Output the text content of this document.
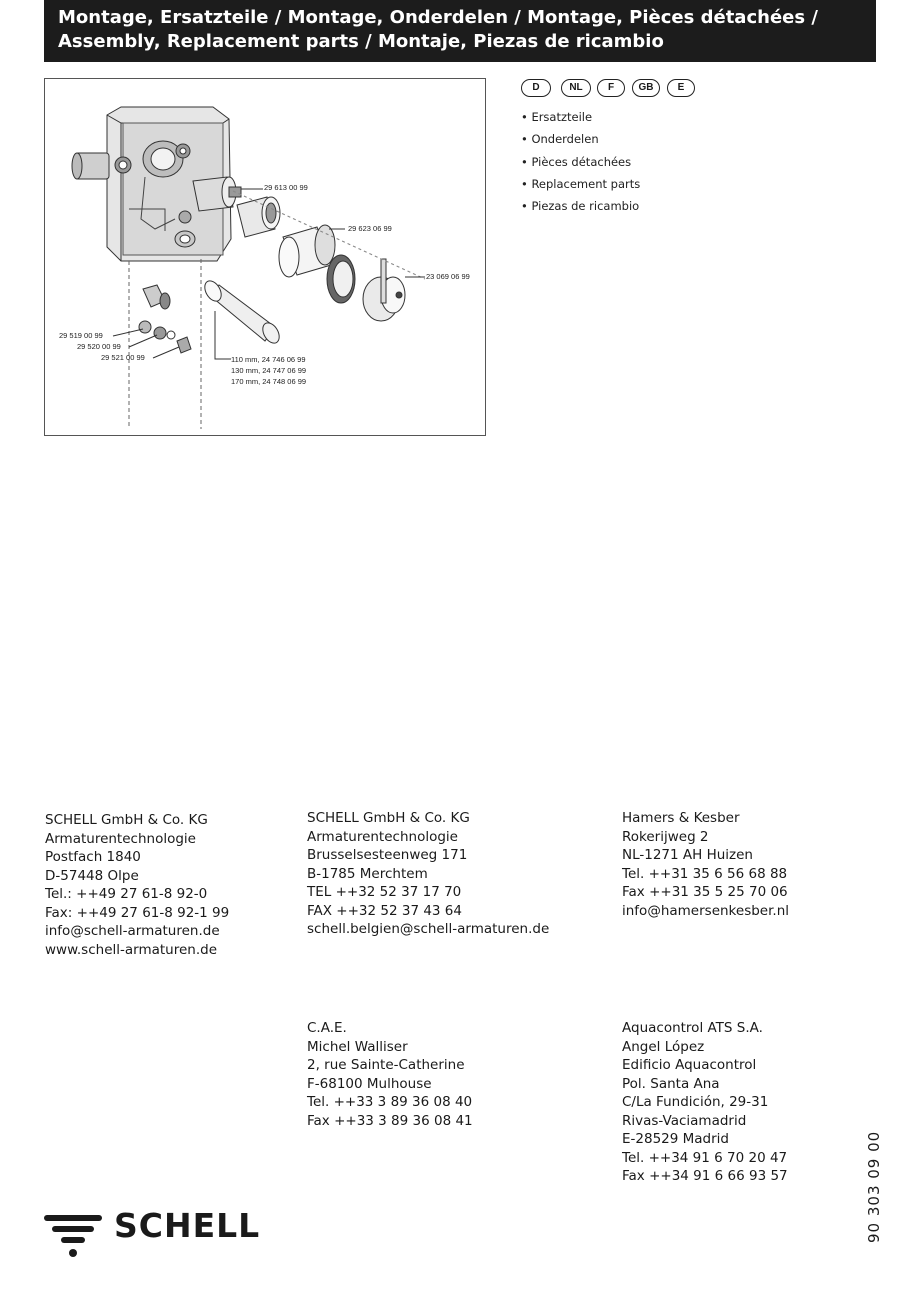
Montage, Ersatzteile / Montage, Onderdelen / Montage, Pièces détachées /
Assembly, Replacement parts / Montaje, Piezas de ricambio
29 613 00 99
29 623 06 99
23 069 06 99
29 519 00 99
29 520 00 99
29 521 00 99	110 mm, 24 746 06 99
130 mm, 24 747 06 99
170 mm, 24 748 06 99
D	NL	F	GB	E
• Ersatzteile
• Onderdelen
• Pièces détachées
• Replacement parts
• Piezas de ricambio
SCHELL GmbH & Co. KG
Armaturentechnologie
Postfach 1840
D-57448 Olpe
Tel.: ++49 27 61-8 92-0
Fax: ++49 27 61-8 92-1 99
info@schell-armaturen.de
www.schell-armaturen.de
SCHELL GmbH & Co. KG
Armaturentechnologie
Brusselsesteenweg 171
B-1785 Merchtem
TEL ++32 52 37 17 70
FAX ++32 52 37 43 64
schell.belgien@schell-armaturen.de
Hamers & Kesber
Rokerijweg 2
NL-1271 AH Huizen
Tel. ++31 35 6 56 68 88
Fax ++31 35 5 25 70 06
info@hamersenkesber.nl
C.A.E.
Michel Walliser
2, rue Sainte-Catherine
F-68100 Mulhouse
Tel. ++33 3 89 36 08 40
Fax ++33 3 89 36 08 41
Aquacontrol ATS S.A.
Angel López
Edificio Aquacontrol
Pol. Santa Ana
C/La Fundición, 29-31
Rivas-Vaciamadrid
E-28529 Madrid
Tel. ++34 91 6 70 20 47
Fax ++34 91 6 66 93 57
SCHELL	90 303 09 00
